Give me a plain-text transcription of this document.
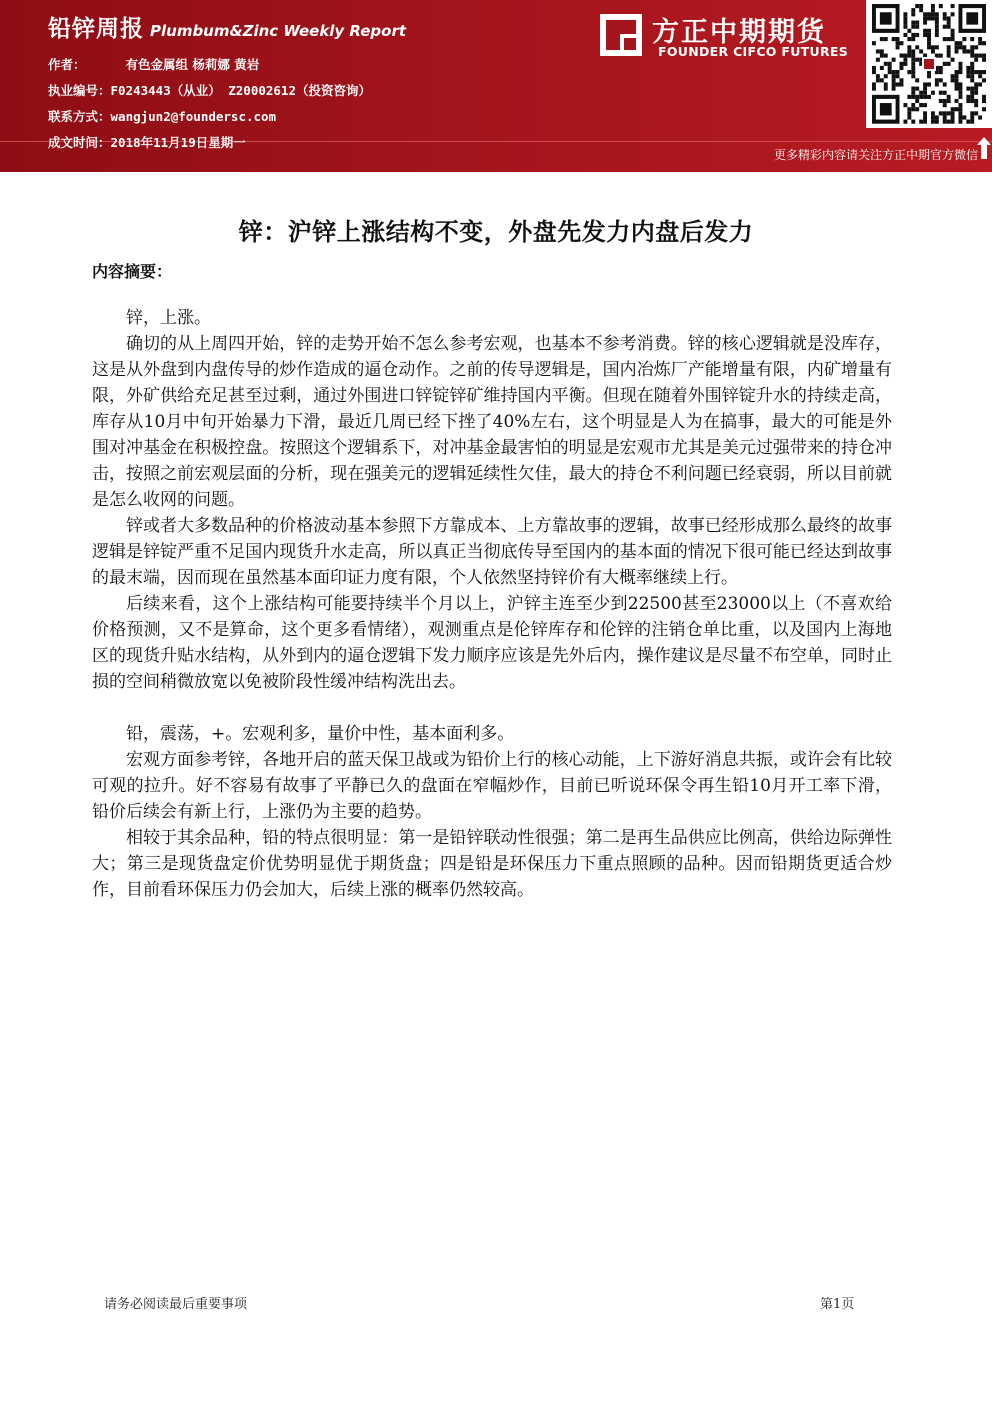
铅锌周报 Plumbum&Zinc Weekly Report
作者：	有色金属组 杨莉娜 黄岩
执业编号：F0243443（从业） Z20002612（投资咨询）
联系方式：wangjun2@foundersc.com
成文时间：2018年11月19日星期一
方正中期期货
FOUNDER CIFCO FUTURES
更多精彩内容请关注方正中期官方微信
锌：沪锌上涨结构不变，外盘先发力内盘后发力
内容摘要：

锌，上涨。

确切的从上周四开始，锌的走势开始不怎么参考宏观，也基本不参考消费。锌的核心逻辑就是没库存，这是从外盘到内盘传导的炒作造成的逼仓动作。之前的传导逻辑是，国内冶炼厂产能增量有限，内矿增量有限，外矿供给充足甚至过剩，通过外围进口锌锭锌矿维持国内平衡。但现在随着外围锌锭升水的持续走高，库存从10月中旬开始暴力下滑，最近几周已经下挫了40%左右，这个明显是人为在搞事，最大的可能是外围对冲基金在积极控盘。按照这个逻辑系下，对冲基金最害怕的明显是宏观市尤其是美元过强带来的持仓冲击，按照之前宏观层面的分析，现在强美元的逻辑延续性欠佳，最大的持仓不利问题已经衰弱，所以目前就是怎么收网的问题。

锌或者大多数品种的价格波动基本参照下方靠成本、上方靠故事的逻辑，故事已经形成那么最终的故事逻辑是锌锭严重不足国内现货升水走高，所以真正当彻底传导至国内的基本面的情况下很可能已经达到故事的最末端，因而现在虽然基本面印证力度有限，个人依然坚持锌价有大概率继续上行。

后续来看，这个上涨结构可能要持续半个月以上，沪锌主连至少到22500甚至23000以上（不喜欢给价格预测，又不是算命，这个更多看情绪），观测重点是伦锌库存和伦锌的注销仓单比重，以及国内上海地区的现货升贴水结构，从外到内的逼仓逻辑下发力顺序应该是先外后内，操作建议是尽量不布空单，同时止损的空间稍微放宽以免被阶段性缓冲结构洗出去。

铅，震荡，+。宏观利多，量价中性，基本面利多。

宏观方面参考锌，各地开启的蓝天保卫战或为铅价上行的核心动能，上下游好消息共振，或许会有比较可观的拉升。好不容易有故事了平静已久的盘面在窄幅炒作，目前已听说环保令再生铅10月开工率下滑，铅价后续会有新上行，上涨仍为主要的趋势。

相较于其余品种，铅的特点很明显：第一是铅锌联动性很强；第二是再生品供应比例高，供给边际弹性大；第三是现货盘定价优势明显优于期货盘；四是铅是环保压力下重点照顾的品种。因而铅期货更适合炒作，目前看环保压力仍会加大，后续上涨的概率仍然较高。

请务必阅读最后重要事项	第1页
